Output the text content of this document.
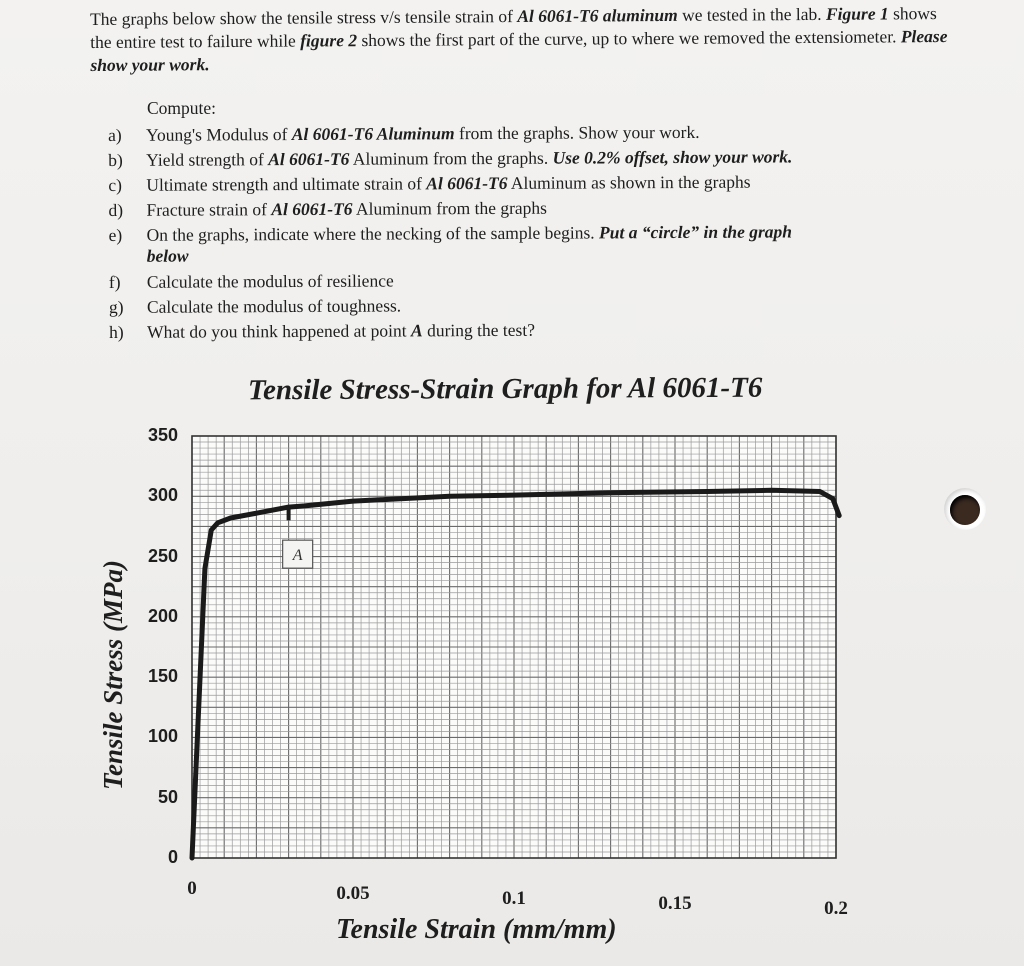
The graphs below show the tensile stress v/s tensile strain of Al 6061-T6 aluminum we tested in the lab. Figure 1 shows the entire test to failure while figure 2 shows the first part of the curve, up to where we removed the extensiometer. Please show your work.
Compute:
a)	Young's Modulus of Al 6061-T6 Aluminum from the graphs. Show your work.
b)	Yield strength of Al 6061-T6 Aluminum from the graphs. Use 0.2% offset, show your work.
c)	Ultimate strength and ultimate strain of Al 6061-T6 Aluminum as shown in the graphs
d)	Fracture strain of Al 6061-T6 Aluminum from the graphs
e)	On the graphs, indicate where the necking of the sample begins. Put a “circle” in the graph
below
f)	Calculate the modulus of resilience
g)	Calculate the modulus of toughness.
h)	What do you think happened at point A during the test?
Tensile Stress-Strain Graph for Al 6061-T6
Tensile Stress (MPa)
Tensile Strain (mm/mm)
350
300
250
200
150
100
50
0
0	0.05	0.1	0.15	0.2
A
